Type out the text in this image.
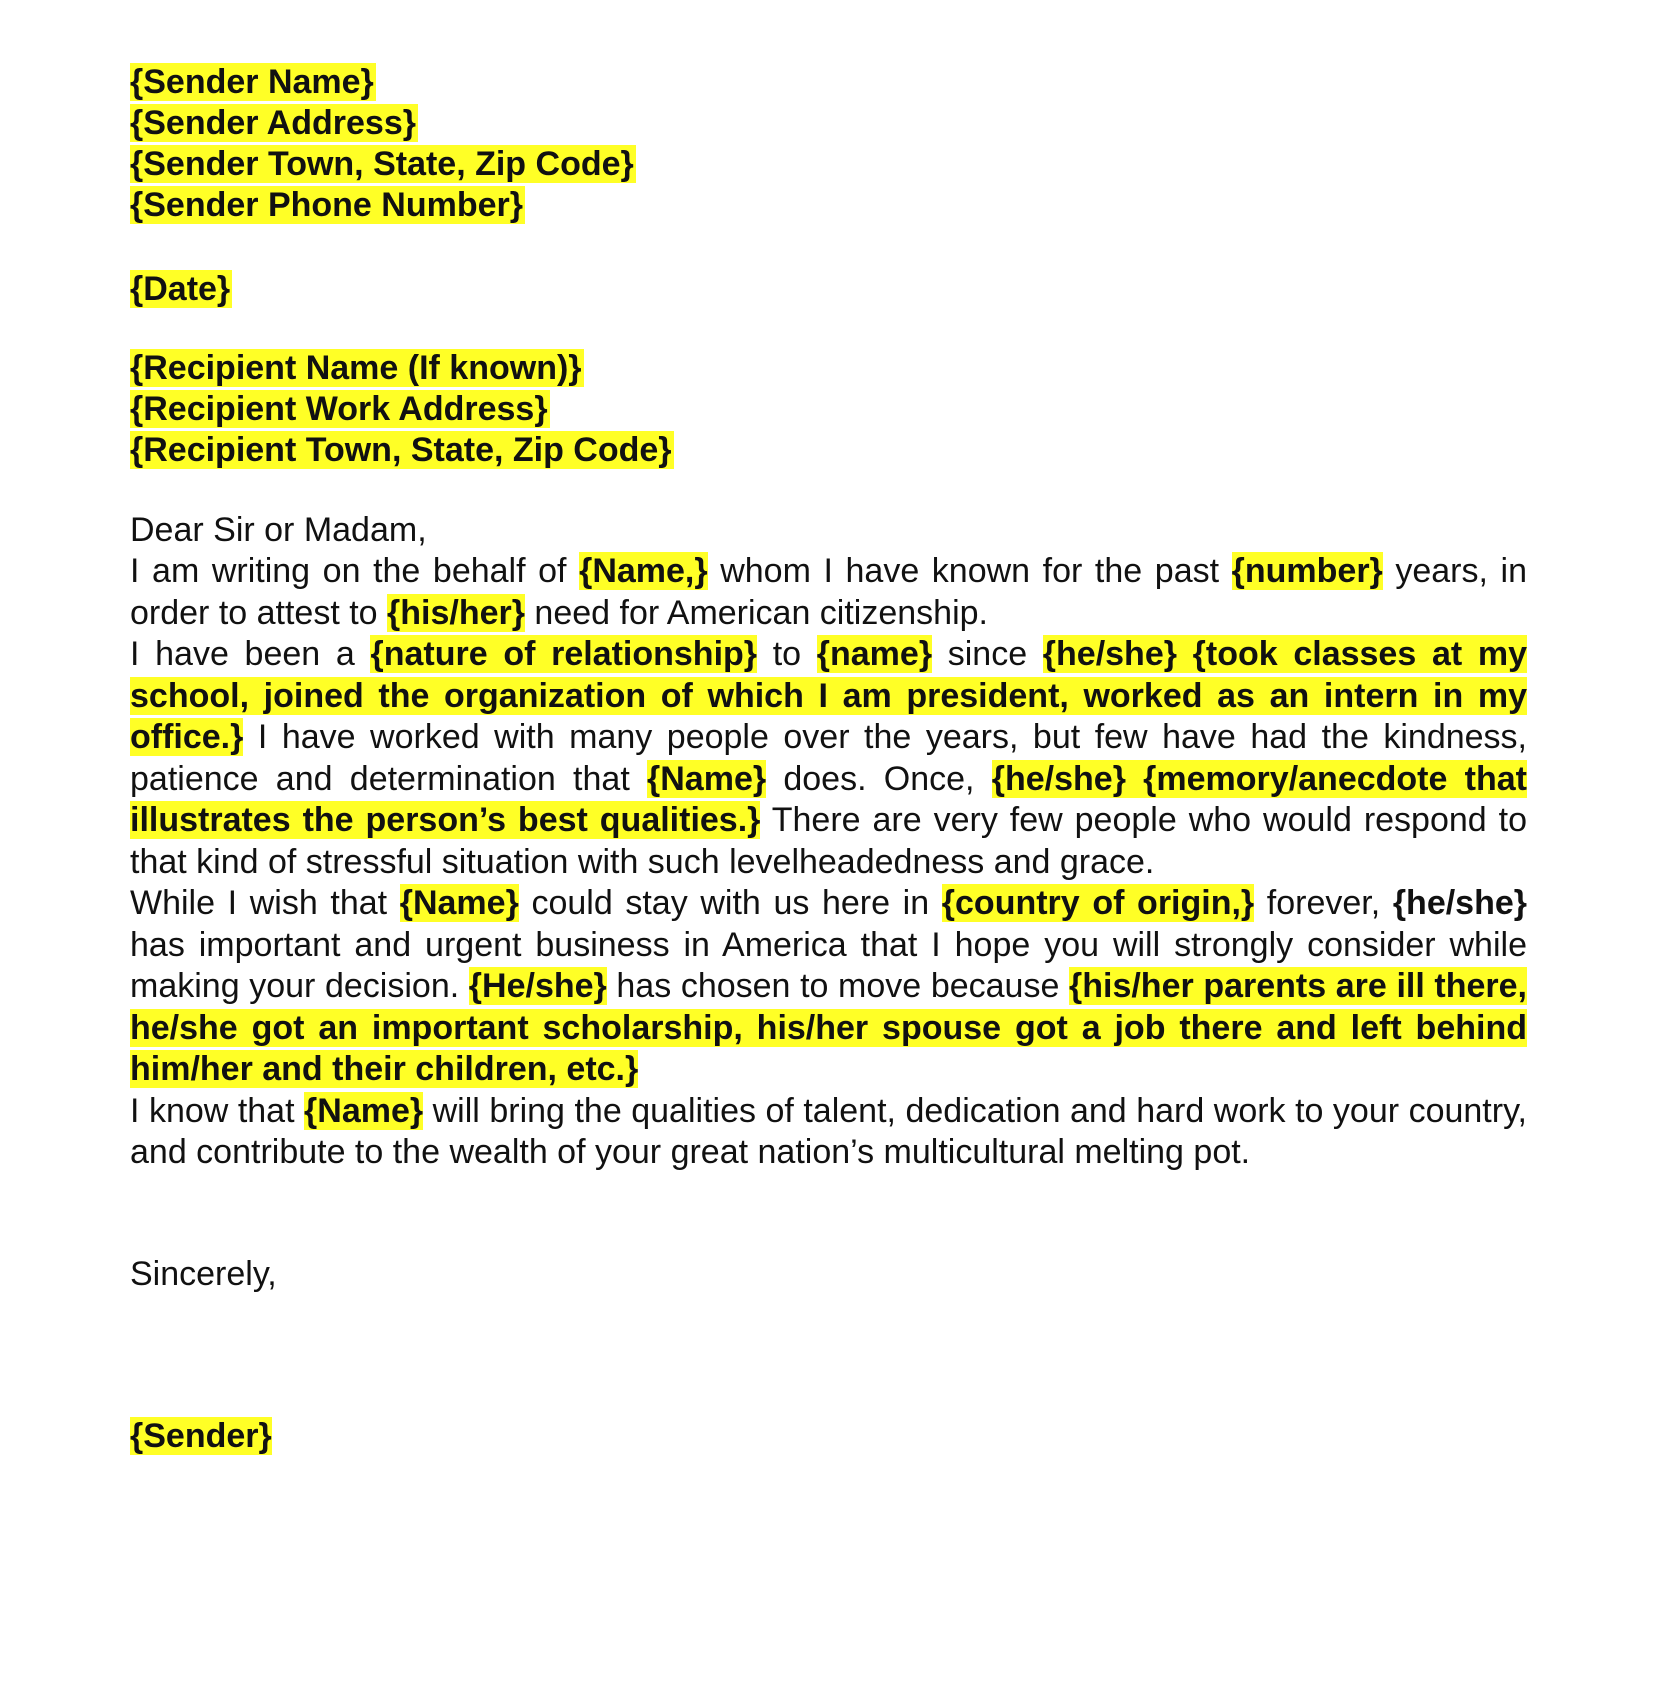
{Sender Name}
{Sender Address}
{Sender Town, State, Zip Code}
{Sender Phone Number}
{Date}
{Recipient Name (If known)}
{Recipient Work Address}
{Recipient Town, State, Zip Code}
Dear Sir or Madam,

I am writing on the behalf of {Name,} whom I have known for the past {number} years, in order to attest to {his/her} need for American citizenship.

I have been a {nature of relationship} to {name} since {he/she} {took classes at my school, joined the organization of which I am president, worked as an intern in my office.} I have worked with many people over the years, but few have had the kindness, patience and determination that {Name} does. Once, {he/she} {memory/anecdote that illustrates the person’s best qualities.} There are very few people who would respond to that kind of stressful situation with such levelheadedness and grace.

While I wish that {Name} could stay with us here in {country of origin,} forever, {he/she} has important and urgent business in America that I hope you will strongly consider while making your decision. {He/she} has chosen to move because {his/her parents are ill there, he/she got an important scholarship, his/her spouse got a job there and left behind him/her and their children, etc.}

I know that {Name} will bring the qualities of talent, dedication and hard work to your country, and contribute to the wealth of your great nation’s multicultural melting pot.

Sincerely,
{Sender}
